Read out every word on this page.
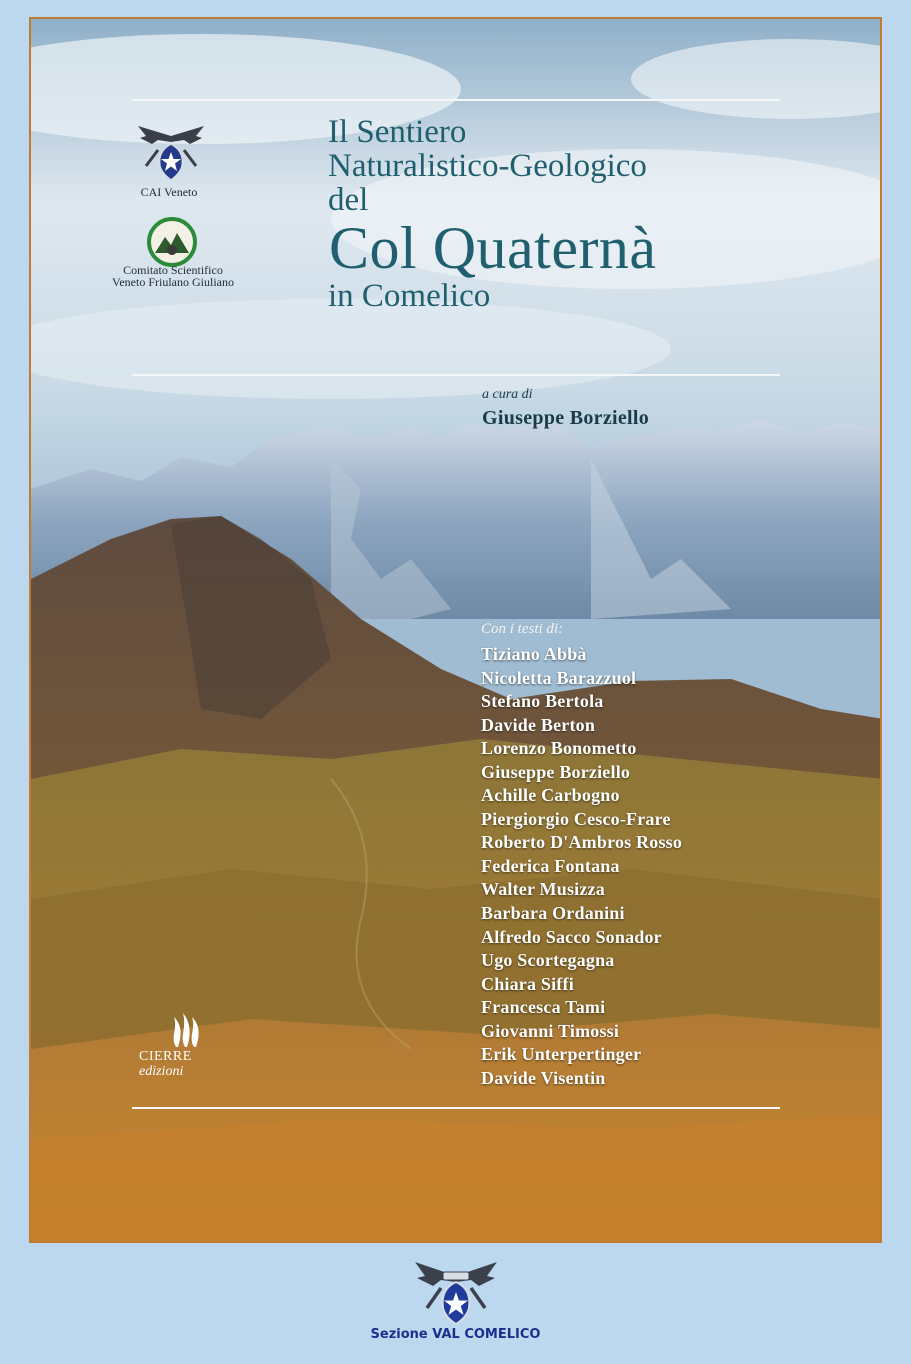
CAI Veneto
Comitato Scientifico
Veneto Friulano Giuliano
Il Sentiero
Naturalistico-Geologico
del
Col Quaternà
in Comelico
a cura di
Giuseppe Borziello
Con i testi di:
Tiziano Abbà
Nicoletta Barazzuol
Stefano Bertola
Davide Berton
Lorenzo Bonometto
Giuseppe Borziello
Achille Carbogno
Piergiorgio Cesco-Frare
Roberto D'Ambros Rosso
Federica Fontana
Walter Musizza
Barbara Ordanini
Alfredo Sacco Sonador
Ugo Scortegagna
Chiara Siffi
Francesca Tami
Giovanni Timossi
Erik Unterpertinger
Davide Visentin
CIERRE
edizioni
Sezione VAL COMELICO
